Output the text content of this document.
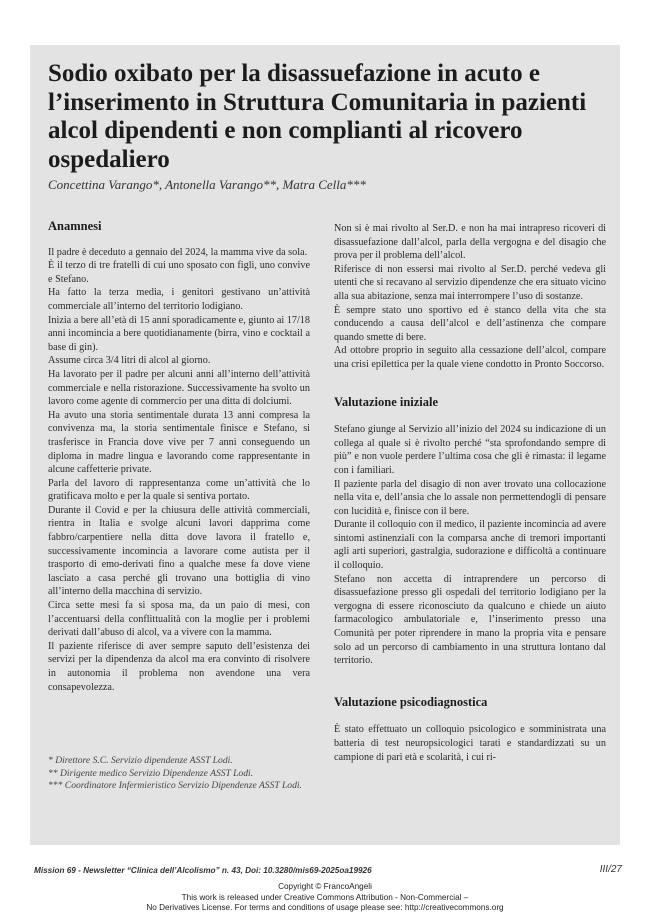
Sodio oxibato per la disassuefazione in acuto e l’inserimento in Struttura Comunitaria in pazienti alcol dipendenti e non complianti al ricovero ospedaliero

Concettina Varango*, Antonella Varango**, Matra Cella***

Anamnesi

Il padre è deceduto a gennaio del 2024, la mamma vive da sola.

È il terzo di tre fratelli di cui uno sposato con figli, uno convive e Stefano.

Ha fatto la terza media, i genitori gestivano un’attività commerciale all’interno del territorio lodigiano.

Inizia a bere all’età di 15 anni sporadicamente e, giunto ai 17/18 anni incomincia a bere quotidianamente (birra, vino e cocktail a base di gin).

Assume circa 3/4 litri di alcol al giorno.

Ha lavorato per il padre per alcuni anni all’interno dell’attività commerciale e nella ristorazione. Successivamente ha svolto un lavoro come agente di commercio per una ditta di dolciumi.

Ha avuto una storia sentimentale durata 13 anni compresa la convivenza ma, la storia sentimentale finisce e Stefano, si trasferisce in Francia dove vive per 7 anni conseguendo un diploma in madre lingua e lavorando come rappresentante in alcune caffetterie private.

Parla del lavoro di rappresentanza come un’attività che lo gratificava molto e per la quale si sentiva portato.

Durante il Covid e per la chiusura delle attività commerciali, rientra in Italia e svolge alcuni lavori dapprima come fabbro/carpentiere nella ditta dove lavora il fratello e, successivamente incomincia a lavorare come autista per il trasporto di emo-derivati fino a qualche mese fa dove viene lasciato a casa perché gli trovano una bottiglia di vino all’interno della macchina di servizio.

Circa sette mesi fa si sposa ma, da un paio di mesi, con l’accentuarsi della conflittualità con la moglie per i problemi derivati dall’abuso di alcol, va a vivere con la mamma.

Il paziente riferisce di aver sempre saputo dell’esistenza dei servizi per la dipendenza da alcol ma era convinto di risolvere in autonomia il problema non avendone una vera consapevolezza.

* Direttore S.C. Servizio dipendenze ASST Lodi.

** Dirigente medico Servizio Dipendenze ASST Lodi.

*** Coordinatore Infermieristico Servizio Dipendenze ASST Lodi.

Non si è mai rivolto al Ser.D. e non ha mai intrapreso ricoveri di disassuefazione dall’alcol, parla della vergogna e del disagio che prova per il problema dell’alcol.

Riferisce di non essersi mai rivolto al Ser.D. perché vedeva gli utenti che si recavano al servizio dipendenze che era situato vicino alla sua abitazione, senza mai interrompere l’uso di sostanze.

È sempre stato uno sportivo ed è stanco della vita che sta conducendo a causa dell’alcol e dell’astinenza che compare quando smette di bere.

Ad ottobre proprio in seguito alla cessazione dell’alcol, compare una crisi epilettica per la quale viene condotto in Pronto Soccorso.

Valutazione iniziale

Stefano giunge al Servizio all’inizio del 2024 su indicazione di un collega al quale si è rivolto perché “sta sprofondando sempre di più” e non vuole perdere l’ultima cosa che gli è rimasta: il legame con i familiari.

Il paziente parla del disagio di non aver trovato una collocazione nella vita e, dell’ansia che lo assale non permettendogli di pensare con lucidità e, finisce con il bere.

Durante il colloquio con il medico, il paziente incomincia ad avere sintomi astinenziali con la comparsa anche di tremori importanti agli arti superiori, gastralgia, sudorazione e difficoltà a continuare il colloquio.

Stefano non accetta di intraprendere un percorso di disassuefazione presso gli ospedali del territorio lodigiano per la vergogna di essere riconosciuto da qualcuno e chiede un aiuto farmacologico ambulatoriale e, l’inserimento presso una Comunità per poter riprendere in mano la propria vita e pensare solo ad un percorso di cambiamento in una struttura lontano dal territorio.

Valutazione psicodiagnostica

È stato effettuato un colloquio psicologico e somministrata una batteria di test neuropsicologici tarati e standardizzati su un campione di pari età e scolarità, i cui ri-

Mission 69 - Newsletter “Clinica dell’Alcolismo” n. 43, Doi: 10.3280/mis69-2025oa19926	III/27
Copyright © FrancoAngeli
This work is released under Creative Commons Attribution - Non-Commercial –
No Derivatives License. For terms and conditions of usage please see: http://creativecommons.org
